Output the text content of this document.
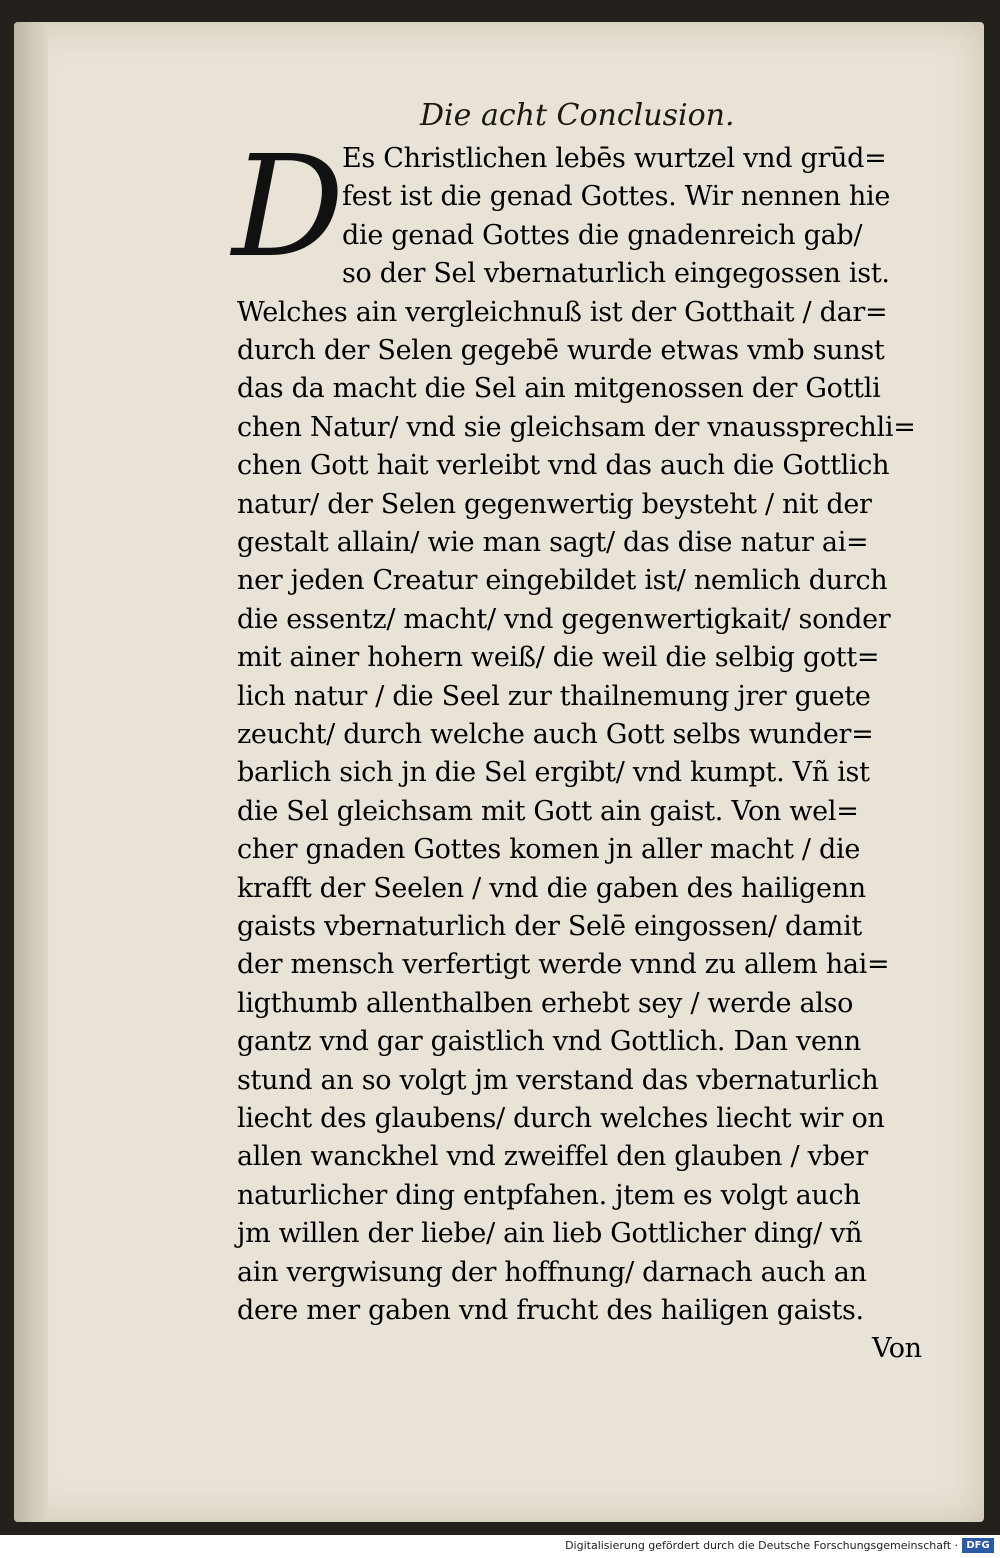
Die acht Conclusion.
D
Es Christlichen lebēs wurtzel vnd grūd=
fest ist die genad Gottes. Wir nennen hie
die genad Gottes die gnadenreich gab/
so der Sel vbernaturlich eingegossen ist.
Welches ain vergleichnuß ist der Gotthait / dar=
durch der Selen gegebē wurde etwas vmb sunst
das da macht die Sel ain mitgenossen der Gottli
chen Natur/ vnd sie gleichsam der vnaussprechli=
chen Gott hait verleibt vnd das auch die Gottlich
natur/ der Selen gegenwertig beysteht / nit der
gestalt allain/ wie man sagt/ das dise natur ai=
ner jeden Creatur eingebildet ist/ nemlich durch
die essentz/ macht/ vnd gegenwertigkait/ sonder
mit ainer hohern weiß/ die weil die selbig gott=
lich natur / die Seel zur thailnemung jrer guete
zeucht/ durch welche auch Gott selbs wunder=
barlich sich jn die Sel ergibt/ vnd kumpt. Vñ ist
die Sel gleichsam mit Gott ain gaist. Von wel=
cher gnaden Gottes komen jn aller macht / die
krafft der Seelen / vnd die gaben des hailigenn
gaists vbernaturlich der Selē eingossen/ damit
der mensch verfertigt werde vnnd zu allem hai=
ligthumb allenthalben erhebt sey / werde also
gantz vnd gar gaistlich vnd Gottlich. Dan venn
stund an so volgt jm verstand das vbernaturlich
liecht des glaubens/ durch welches liecht wir on
allen wanckhel vnd zweiffel den glauben / vber
naturlicher ding entpfahen. jtem es volgt auch
jm willen der liebe/ ain lieb Gottlicher ding/ vñ
ain vergwisung der hoffnung/ darnach auch an
dere mer gaben vnd frucht des hailigen gaists.
Von
Digitalisierung gefördert durch die Deutsche Forschungsgemeinschaft · DFG
